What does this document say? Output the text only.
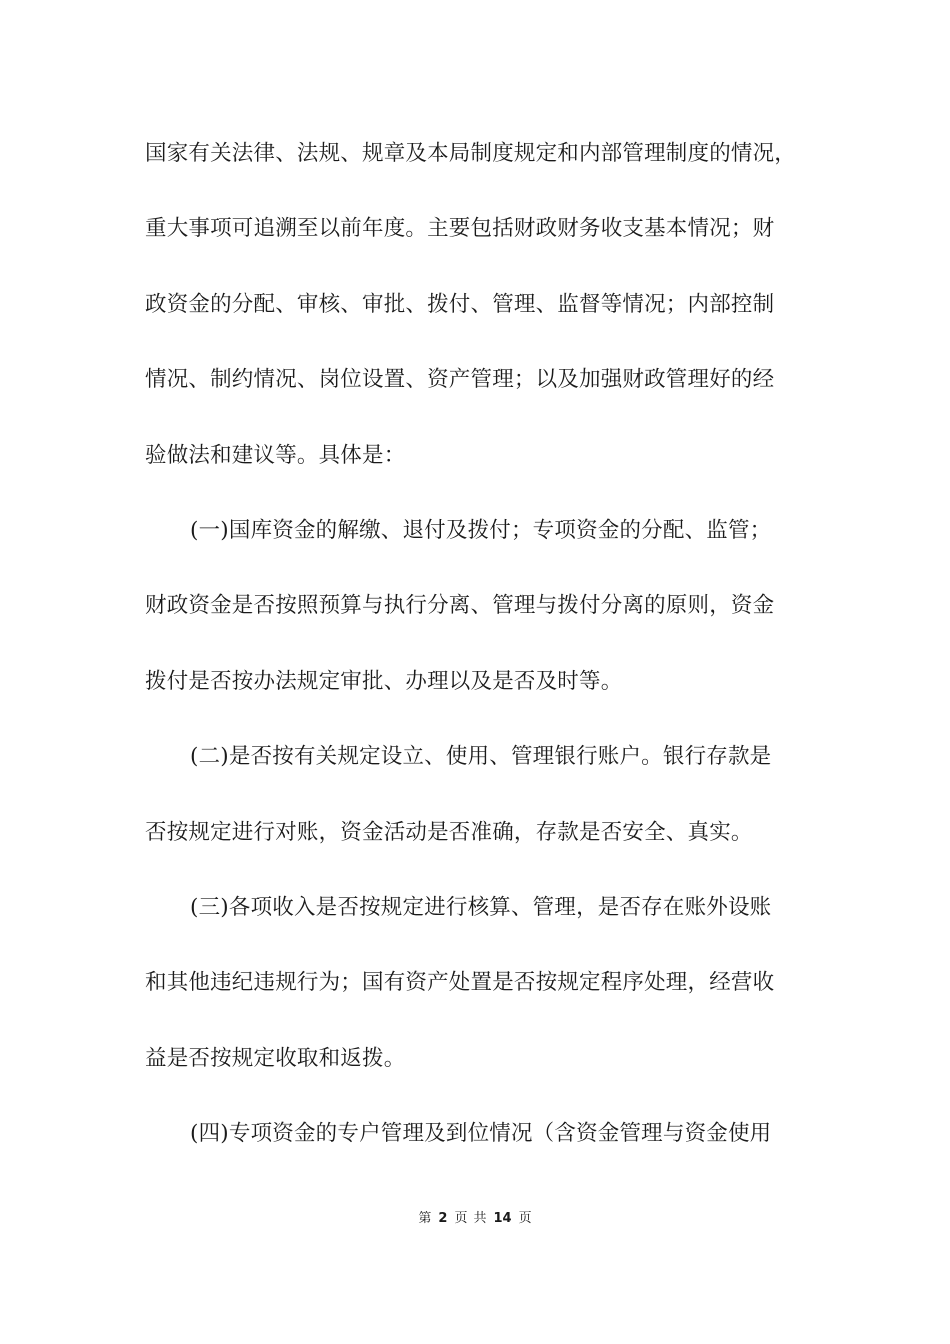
国家有关法律、法规、规章及本局制度规定和内部管理制度的情况，
重大事项可追溯至以前年度。主要包括财政财务收支基本情况；财
政资金的分配、审核、审批、拨付、管理、监督等情况；内部控制
情况、制约情况、岗位设置、资产管理；以及加强财政管理好的经
验做法和建议等。具体是：
(一)国库资金的解缴、退付及拨付；专项资金的分配、监管；
财政资金是否按照预算与执行分离、管理与拨付分离的原则，资金
拨付是否按办法规定审批、办理以及是否及时等。
(二)是否按有关规定设立、使用、管理银行账户。银行存款是
否按规定进行对账，资金活动是否准确，存款是否安全、真实。
(三)各项收入是否按规定进行核算、管理，是否存在账外设账
和其他违纪违规行为；国有资产处置是否按规定程序处理，经营收
益是否按规定收取和返拨。
(四)专项资金的专户管理及到位情况（含资金管理与资金使用
第 2 页 共 14 页
